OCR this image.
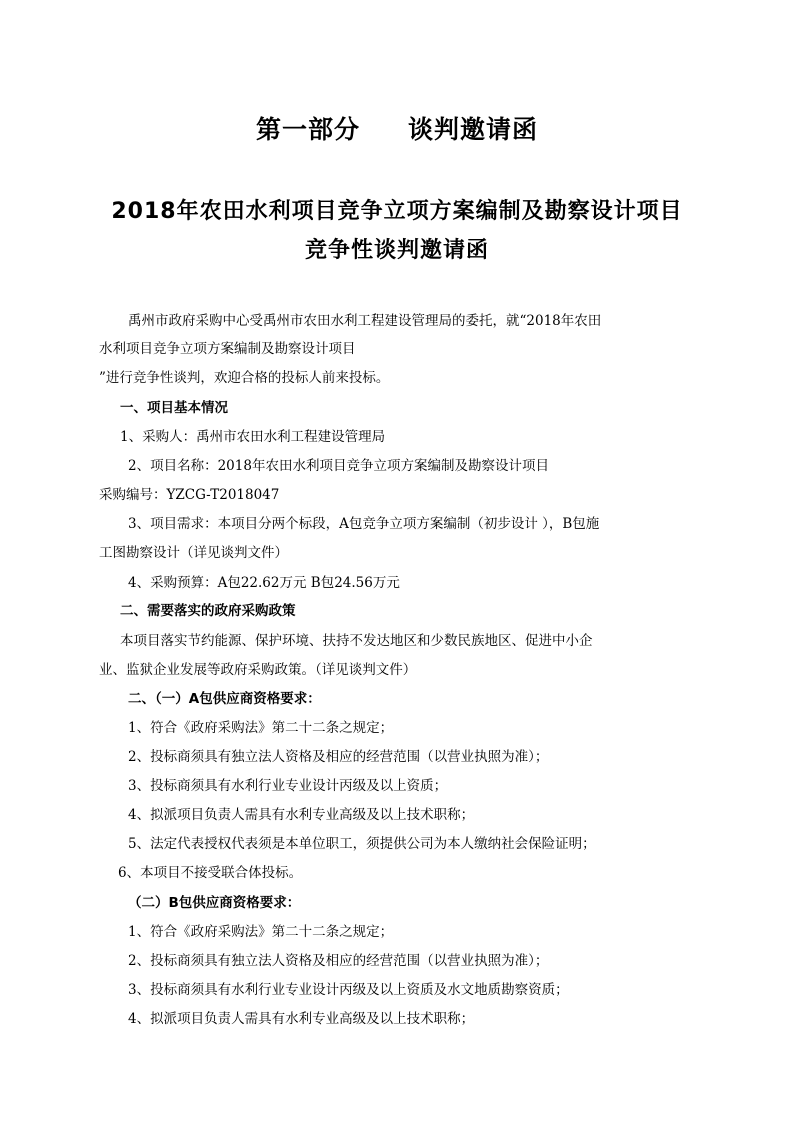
第一部分 谈判邀请函
2018年农田水利项目竞争立项方案编制及勘察设计项目
竞争性谈判邀请函
禹州市政府采购中心受禹州市农田水利工程建设管理局的委托，就“2018年农田
水利项目竞争立项方案编制及勘察设计项目
”进行竞争性谈判，欢迎合格的投标人前来投标。
一、项目基本情况
1、采购人：禹州市农田水利工程建设管理局
2、项目名称：2018年农田水利项目竞争立项方案编制及勘察设计项目
采购编号：YZCG-T2018047
3、项目需求：本项目分两个标段，A包竞争立项方案编制（初步设计 ），B包施
工图勘察设计（详见谈判文件）
4、采购预算：A包22.62万元 B包24.56万元
二、需要落实的政府采购政策
本项目落实节约能源、保护环境、扶持不发达地区和少数民族地区、促进中小企
业、监狱企业发展等政府采购政策。（详见谈判文件）
二、（一）A包供应商资格要求：
1、符合《政府采购法》第二十二条之规定；
2、投标商须具有独立法人资格及相应的经营范围（以营业执照为准）；
3、投标商须具有水利行业专业设计丙级及以上资质；
4、拟派项目负责人需具有水利专业高级及以上技术职称；
5、法定代表授权代表须是本单位职工，须提供公司为本人缴纳社会保险证明；
6、本项目不接受联合体投标。
（二）B包供应商资格要求：
1、符合《政府采购法》第二十二条之规定；
2、投标商须具有独立法人资格及相应的经营范围（以营业执照为准）；
3、投标商须具有水利行业专业设计丙级及以上资质及水文地质勘察资质；
4、拟派项目负责人需具有水利专业高级及以上技术职称；
